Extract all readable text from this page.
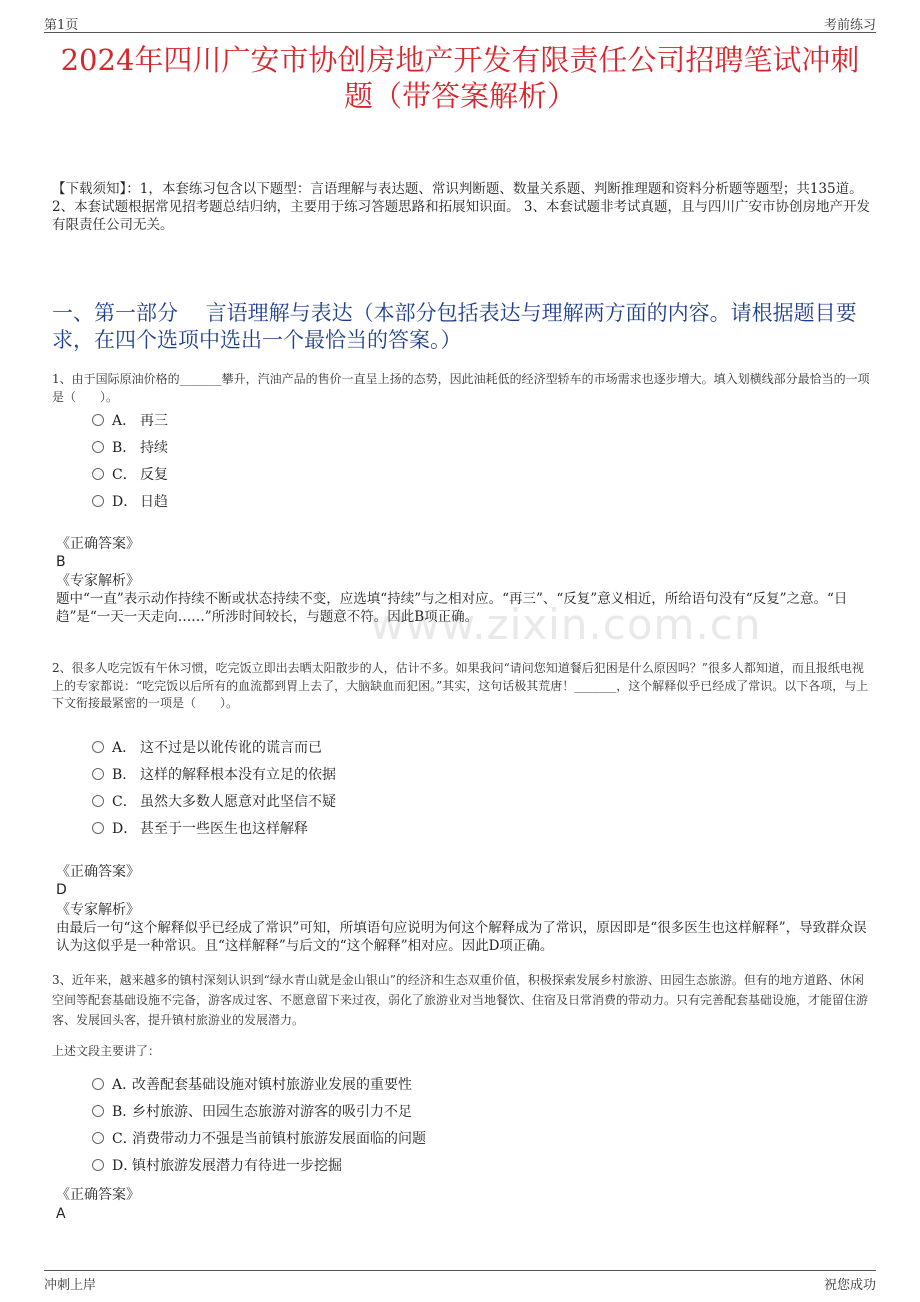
第1页	考前练习
2024年四川广安市协创房地产开发有限责任公司招聘笔试冲刺题（带答案解析）
【下载须知】：1，本套练习包含以下题型：言语理解与表达题、常识判断题、数量关系题、判断推理题和资料分析题等题型；共135道。 2、本套试题根据常见招考题总结归纳，主要用于练习答题思路和拓展知识面。 3、本套试题非考试真题，且与四川广安市协创房地产开发有限责任公司无关。
一、第一部分　 言语理解与表达（本部分包括表达与理解两方面的内容。请根据题目要求，在四个选项中选出一个最恰当的答案。）
www.zixin.com.cn
1、由于国际原油价格的_______攀升，汽油产品的售价一直呈上扬的态势，因此油耗低的经济型轿车的市场需求也逐步增大。填入划横线部分最恰当的一项是（　　）。
A． 再三
B． 持续
C． 反复
D． 日趋
《正确答案》
B
《专家解析》
题中“一直”表示动作持续不断或状态持续不变，应选填“持续”与之相对应。“再三”、“反复”意义相近，所给语句没有“反复”之意。“日趋”是“一天一天走向……”所涉时间较长，与题意不符。因此B项正确。
2、很多人吃完饭有午休习惯，吃完饭立即出去晒太阳散步的人，估计不多。如果我问“请问您知道餐后犯困是什么原因吗？”很多人都知道，而且报纸电视上的专家都说：“吃完饭以后所有的血流都到胃上去了，大脑缺血而犯困。”其实，这句话极其荒唐！_______，这个解释似乎已经成了常识。以下各项，与上下文衔接最紧密的一项是（　　）。
A． 这不过是以讹传讹的谎言而已
B． 这样的解释根本没有立足的依据
C． 虽然大多数人愿意对此坚信不疑
D． 甚至于一些医生也这样解释
《正确答案》
D
《专家解析》
由最后一句“这个解释似乎已经成了常识”可知，所填语句应说明为何这个解释成为了常识，原因即是“很多医生也这样解释”，导致群众误认为这似乎是一种常识。且“这样解释”与后文的“这个解释”相对应。因此D项正确。
3、近年来，越来越多的镇村深刻认识到“绿水青山就是金山银山”的经济和生态双重价值，积极探索发展乡村旅游、田园生态旅游。但有的地方道路、休闲空间等配套基础设施不完备，游客成过客、不愿意留下来过夜，弱化了旅游业对当地餐饮、住宿及日常消费的带动力。只有完善配套基础设施，才能留住游客、发展回头客，提升镇村旅游业的发展潜力。
上述文段主要讲了：
A．改善配套基础设施对镇村旅游业发展的重要性
B．乡村旅游、田园生态旅游对游客的吸引力不足
C．消费带动力不强是当前镇村旅游发展面临的问题
D．镇村旅游发展潜力有待进一步挖掘
《正确答案》
A
冲刺上岸	祝您成功
